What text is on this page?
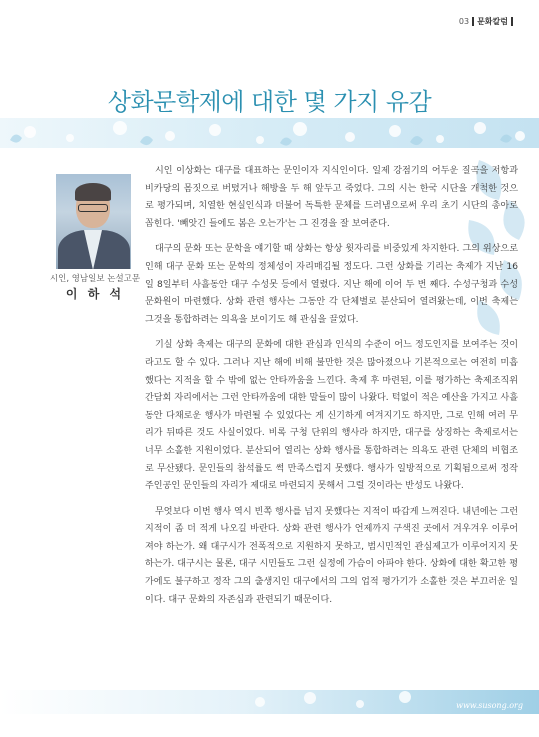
03 문화칼럼
상화문학제에 대한 몇 가지 유감
시인, 영남일보 논설고문
이 하 석

시인 이상화는 대구를 대표하는 문인이자 지식인이다. 일제 강점기의 어두운 질곡을 저항과 비카당의 몸짓으로 버텼거나 해방을 두 해 앞두고 죽었다. 그의 시는 한국 시단을 개척한 것으로 평가되며, 치열한 현실인식과 더불어 독특한 문체를 드러냄으로써 우리 초기 시단의 총아로 꼽힌다. '빼앗긴 들에도 봄은 오는가'는 그 진경을 잘 보여준다.

대구의 문화 또는 문학을 얘기할 때 상화는 항상 윗자리를 비중있게 차지한다. 그의 위상으로 인해 대구 문화 또는 문학의 정체성이 자리매김될 정도다. 그런 상화를 기리는 축제가 지난 16일 8일부터 사흘동안 대구 수성못 등에서 열렸다. 지난 해에 이어 두 번 째다. 수성구청과 수성문화원이 마련했다. 상화 관련 행사는 그동안 각 단체별로 분산되어 열려왔는데, 이번 축제는 그것을 통합하려는 의욕을 보이기도 해 관심을 끌었다.

기실 상화 축제는 대구의 문화에 대한 관심과 인식의 수준이 어느 정도인지를 보여주는 것이라고도 할 수 있다. 그러나 지난 해에 비해 불만한 것은 많아졌으나 기본적으로는 여전히 미흡했다는 지적을 할 수 밖에 없는 안타까움을 느낀다. 축제 후 마련된, 이를 평가하는 축제조직위 간담회 자리에서는 그런 안타까움에 대한 말들이 많이 나왔다. 턱없이 적은 예산을 가지고 사흘 동안 다채로운 행사가 마련될 수 있었다는 게 신기하게 여겨지기도 하지만, 그로 인해 여러 무리가 뒤따른 것도 사실이었다. 비록 구청 단위의 행사라 하지만, 대구를 상징하는 축제로서는 너무 소홀한 지원이었다. 분산되어 열리는 상화 행사를 통합하려는 의욕도 관련 단체의 비협조로 무산됐다. 문인들의 참석률도 썩 만족스럽지 못했다. 행사가 일방적으로 기획됨으로써 정작 주인공인 문인들의 자리가 제대로 마련되지 못해서 그럴 것이라는 반성도 나왔다.

무엇보다 이번 행사 역시 빈쪽 행사를 넘지 못했다는 지적이 따갑게 느껴진다. 내년에는 그런 지적이 좀 더 적게 나오길 바란다. 상화 관련 행사가 언제까지 구색진 곳에서 겨우겨우 이루어져야 하는가. 왜 대구시가 전폭적으로 지원하지 못하고, 범시민적인 관심제고가 이루어지지 못하는가. 대구시는 물론, 대구 시민들도 그런 실정에 가슴이 아파야 한다. 상화에 대한 확고한 평가에도 불구하고 정작 그의 출생지인 대구에서의 그의 업적 평가기가 소홀한 것은 부끄러운 일이다. 대구 문화의 자존심과 관련되기 때문이다.

www.susong.org
